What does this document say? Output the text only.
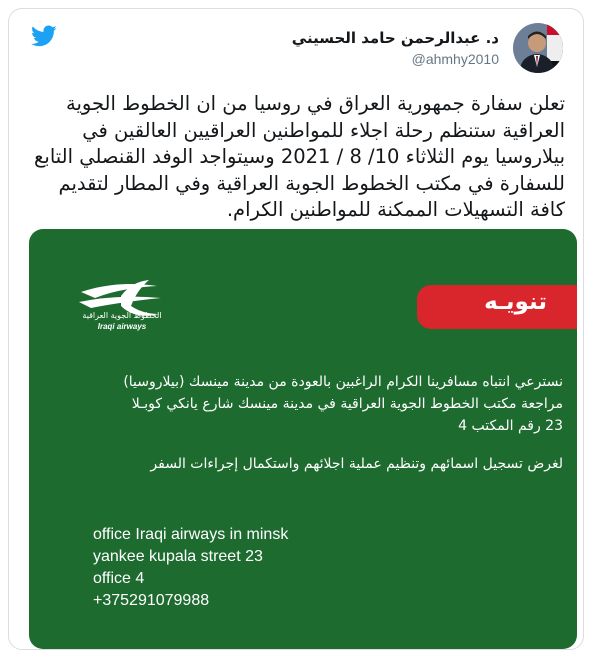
د. عبدالرحمن حامد الحسيني
@ahmhy2010
تعلن سفارة جمهورية العراق في روسيا من ان الخطوط الجوية العراقية ستنظم رحلة اجلاء للمواطنين العراقيين العالقين في بيلاروسيا يوم الثلاثاء 10/ 8 / 2021 وسيتواجد الوفد القنصلي التابع للسفارة في مكتب الخطوط الجوية العراقية وفي المطار لتقديم كافة التسهيلات الممكنة للمواطنين الكرام.
الخطوط الجوية العراقية
Iraqi airways
تنويـه
نسترعي انتباه مسافرينا الكرام الراغبين بالعودة من مدينة مينسك (بيلاروسيا)
مراجعة مكتب الخطوط الجوية العراقية في مدينة مينسك شارع يانكي كوبـلا
23 رقم المكتب 4
لغرض تسجيل اسمائهم وتنظيم عملية اجلائهم واستكمال إجراءات السفر
office Iraqi airways in minsk
yankee kupala street 23
office 4
+375291079988
